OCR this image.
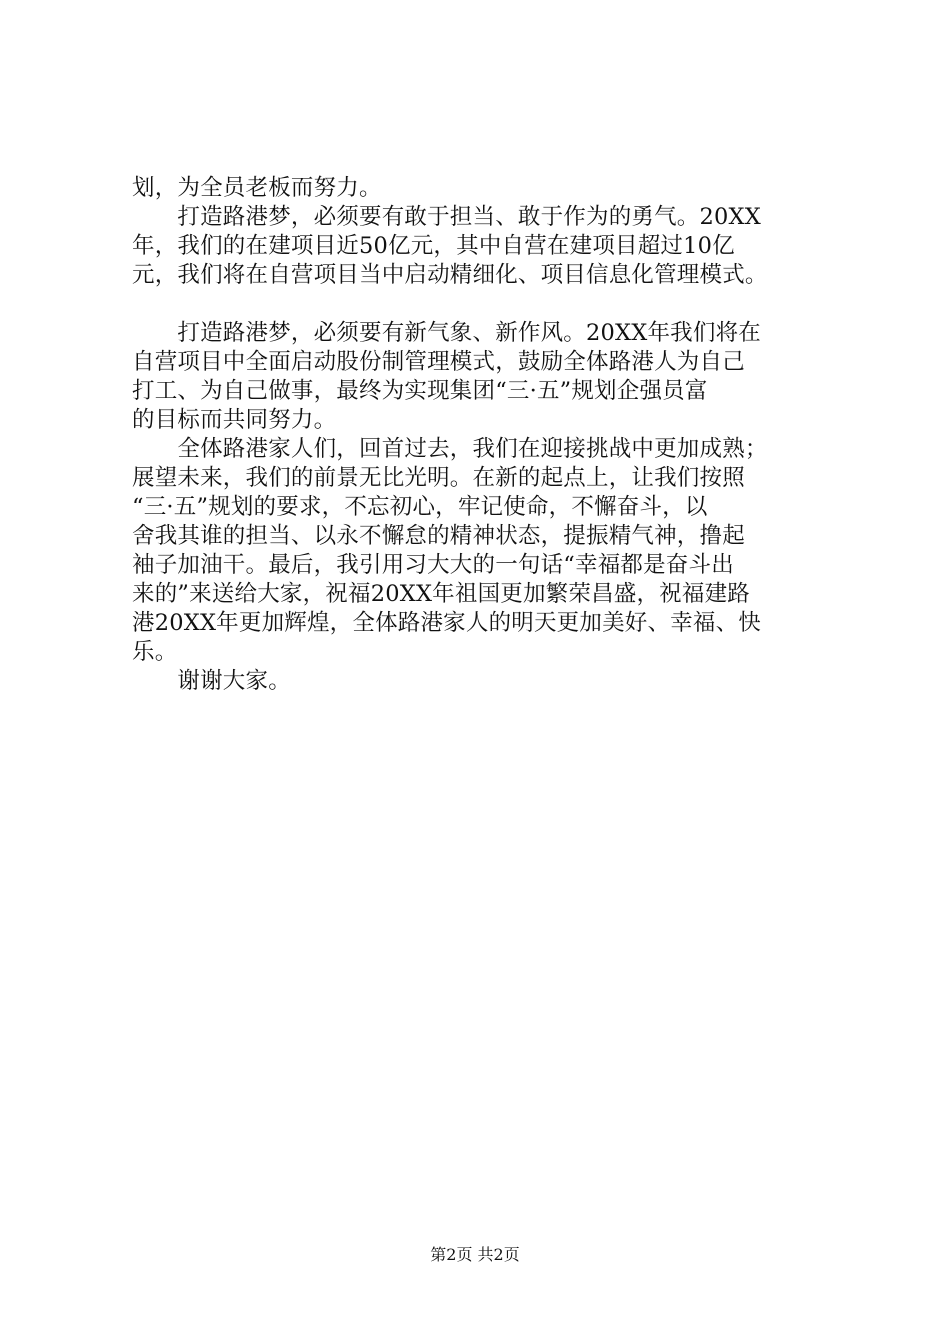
划，为全员老板而努力。
　　打造路港梦，必须要有敢于担当、敢于作为的勇气。20XX
年，我们的在建项目近50亿元，其中自营在建项目超过10亿
元，我们将在自营项目当中启动精细化、项目信息化管理模式。
　　打造路港梦，必须要有新气象、新作风。20XX年我们将在
自营项目中全面启动股份制管理模式，鼓励全体路港人为自己
打工、为自己做事，最终为实现集团“三·五”规划企强员富
的目标而共同努力。
　　全体路港家人们，回首过去，我们在迎接挑战中更加成熟；
展望未来，我们的前景无比光明。在新的起点上，让我们按照
“三·五”规划的要求，不忘初心，牢记使命，不懈奋斗，以
舍我其谁的担当、以永不懈怠的精神状态，提振精气神，撸起
袖子加油干。最后，我引用习大大的一句话“幸福都是奋斗出
来的”来送给大家，祝福20XX年祖国更加繁荣昌盛，祝福建路
港20XX年更加辉煌，全体路港家人的明天更加美好、幸福、快
乐。
　　谢谢大家。
第2页 共2页
